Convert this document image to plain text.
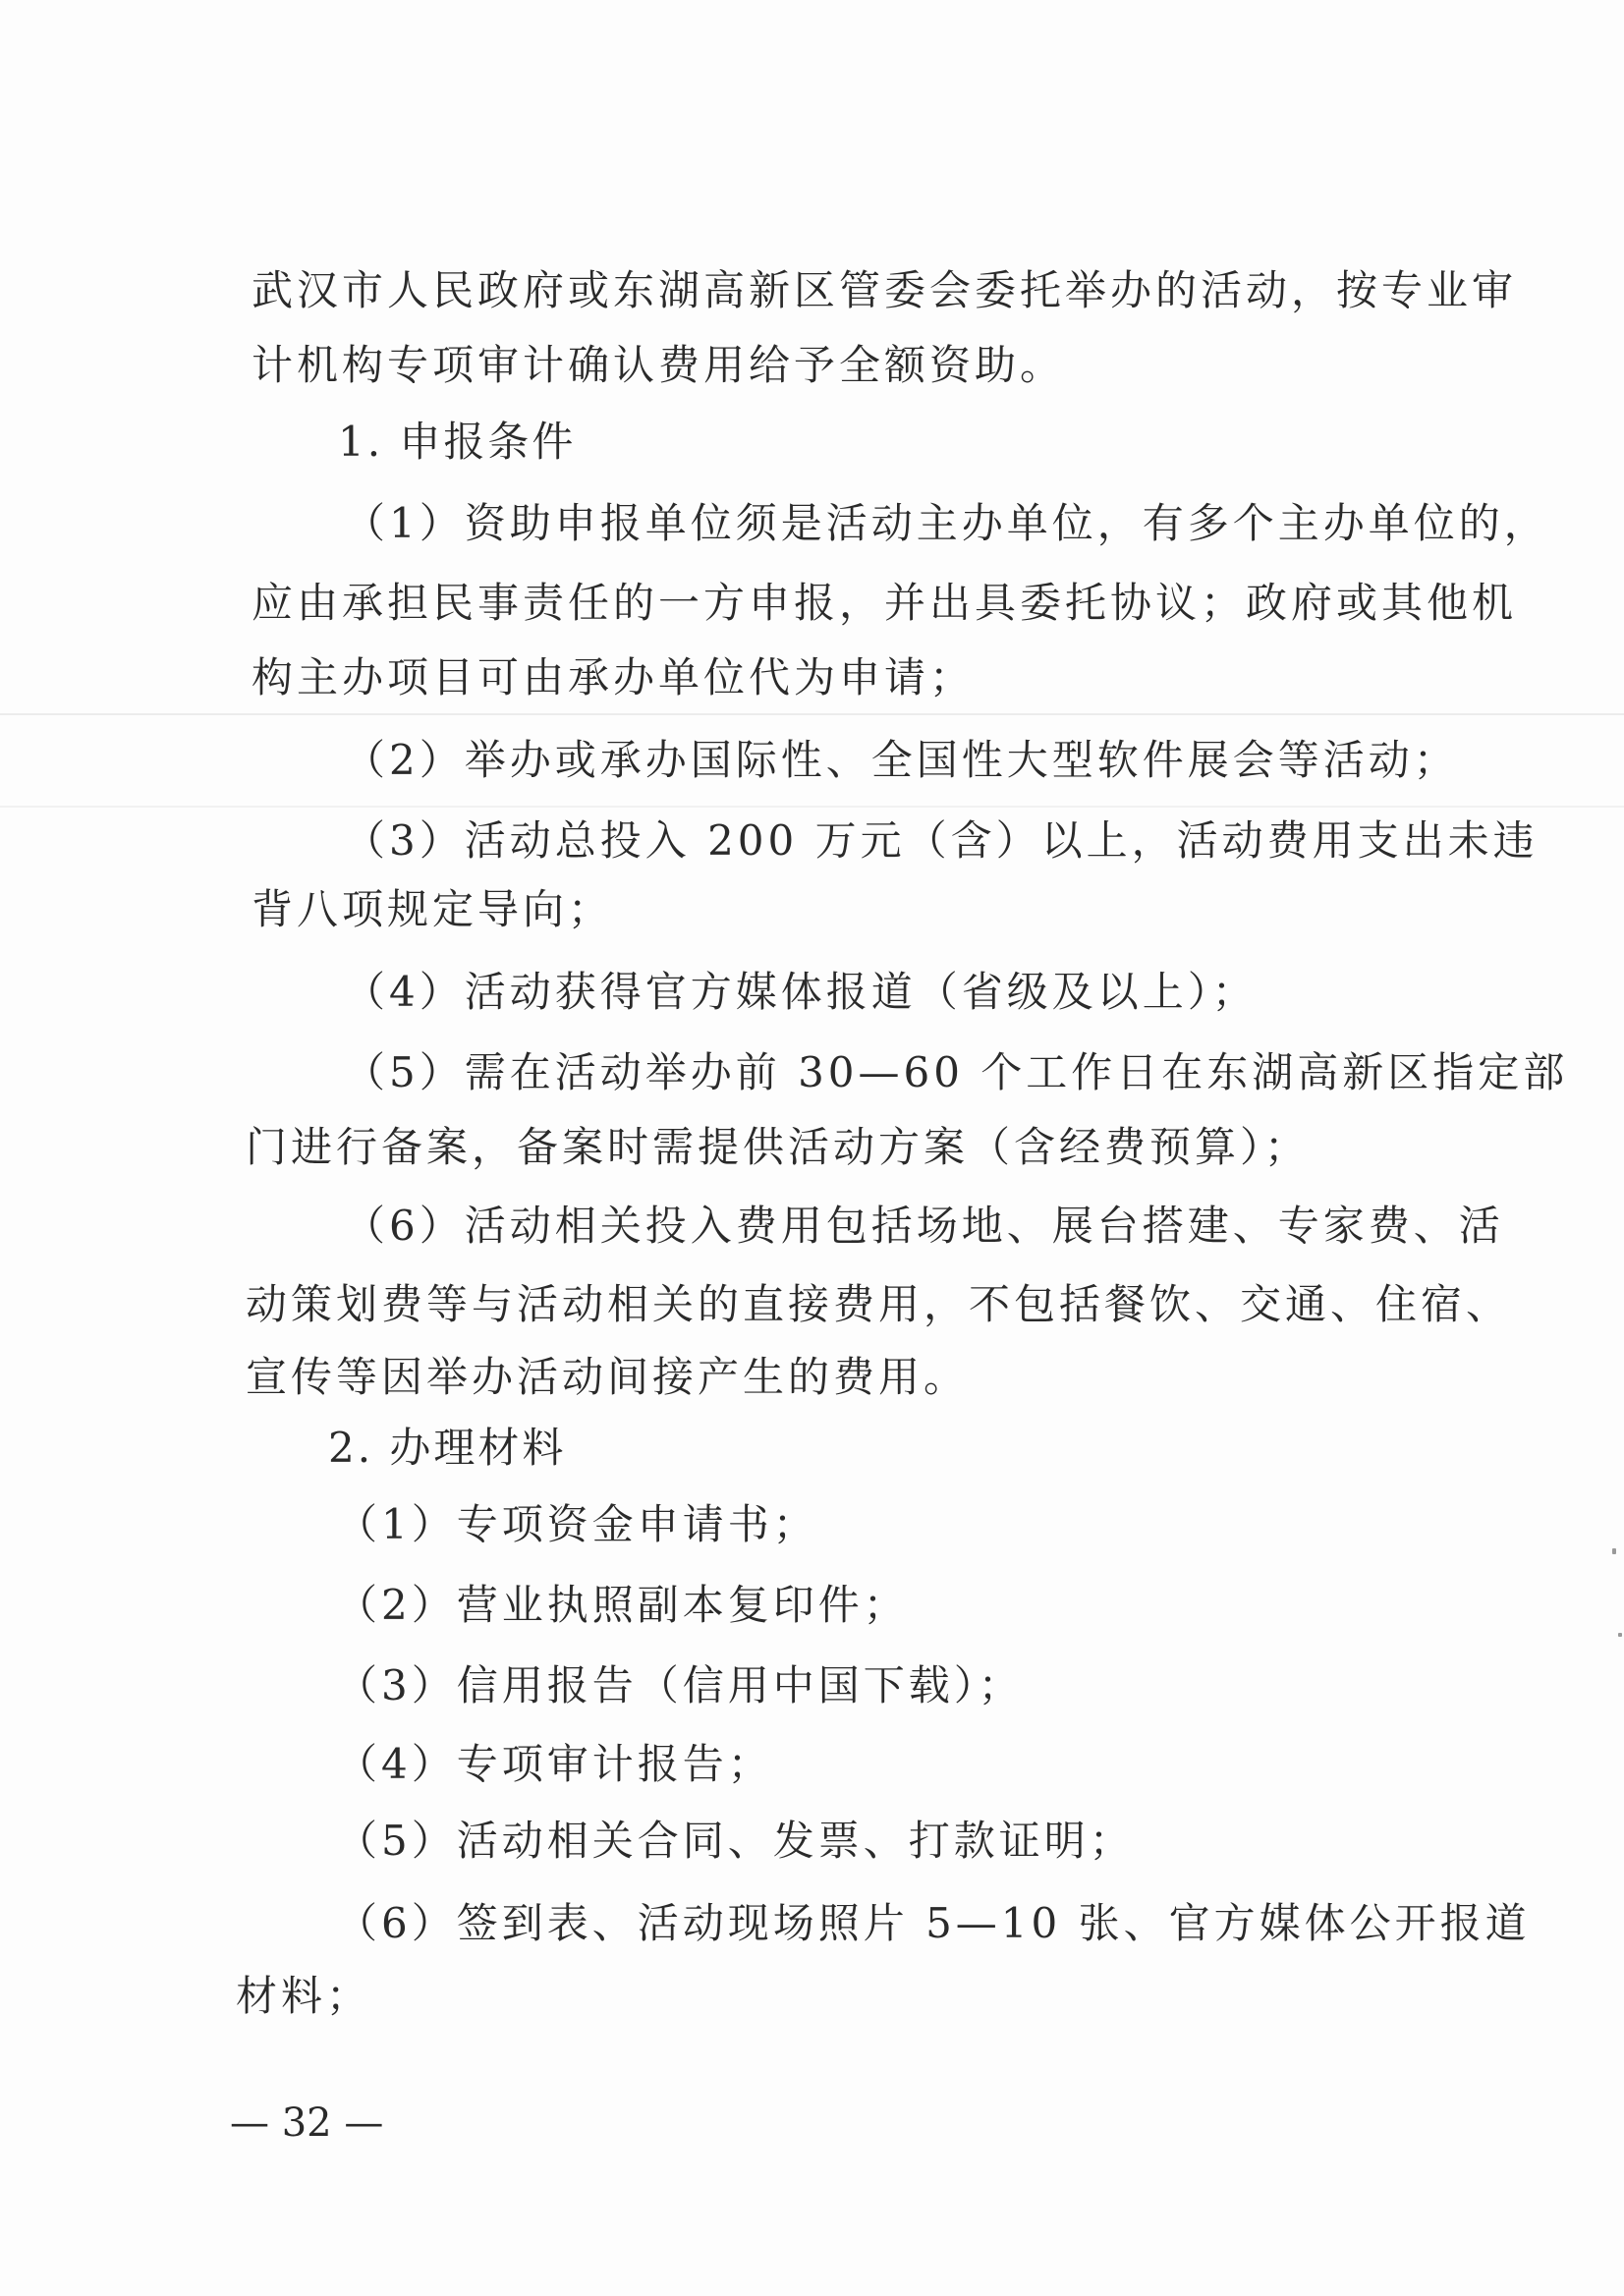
武汉市人民政府或东湖高新区管委会委托举办的活动，按专业审
计机构专项审计确认费用给予全额资助。
1. 申报条件
（1）资助申报单位须是活动主办单位，有多个主办单位的，
应由承担民事责任的一方申报，并出具委托协议；政府或其他机
构主办项目可由承办单位代为申请；
（2）举办或承办国际性、全国性大型软件展会等活动；
（3）活动总投入 200 万元（含）以上，活动费用支出未违
背八项规定导向；
（4）活动获得官方媒体报道（省级及以上）；
（5）需在活动举办前 30—60 个工作日在东湖高新区指定部
门进行备案，备案时需提供活动方案（含经费预算）；
（6）活动相关投入费用包括场地、展台搭建、专家费、活
动策划费等与活动相关的直接费用，不包括餐饮、交通、住宿、
宣传等因举办活动间接产生的费用。
2. 办理材料
（1）专项资金申请书；
（2）营业执照副本复印件；
（3）信用报告（信用中国下载）；
（4）专项审计报告；
（5）活动相关合同、发票、打款证明；
（6）签到表、活动现场照片 5—10 张、官方媒体公开报道
材料；
— 32 —
